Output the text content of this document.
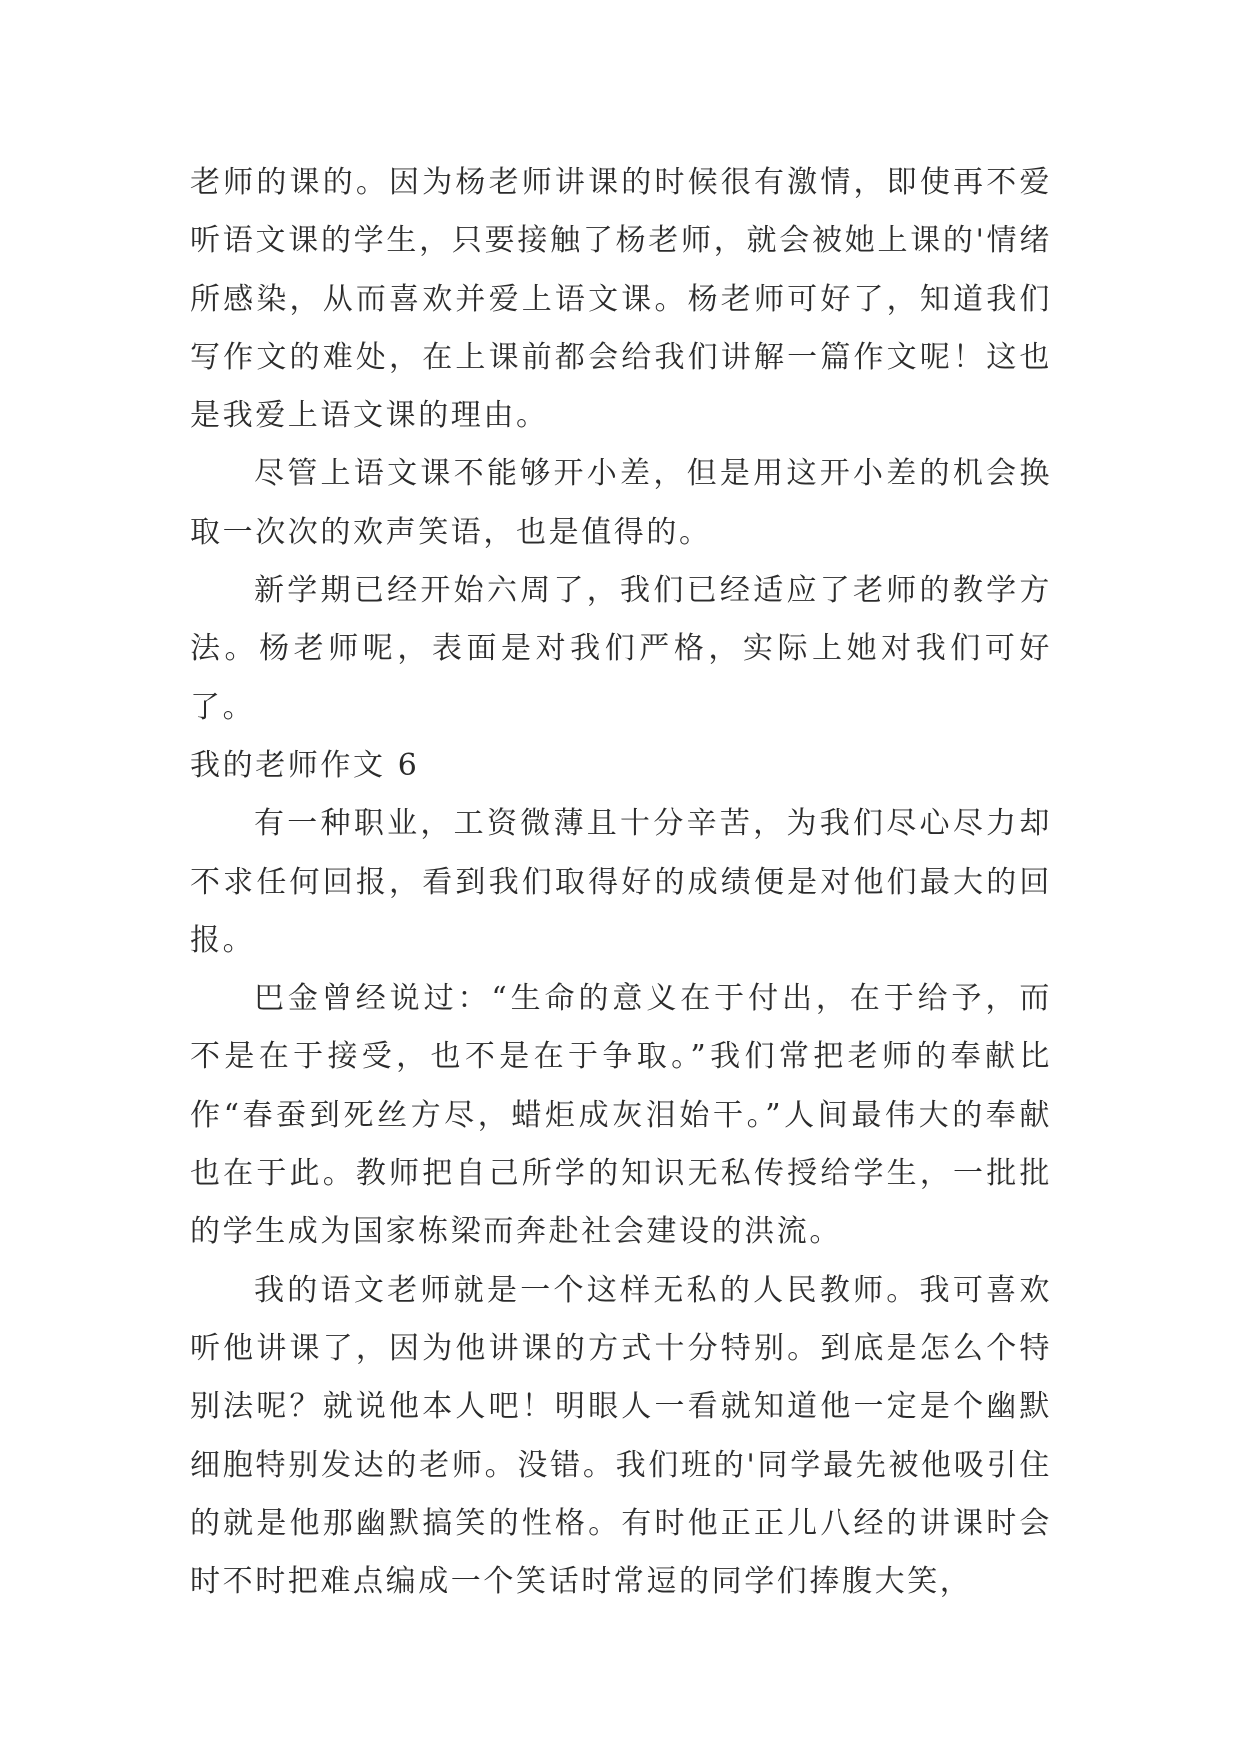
老师的课的。因为杨老师讲课的时候很有激情，即使再不爱听语文课的学生，只要接触了杨老师，就会被她上课的'情绪所感染，从而喜欢并爱上语文课。杨老师可好了，知道我们写作文的难处，在上课前都会给我们讲解一篇作文呢！这也是我爱上语文课的理由。

尽管上语文课不能够开小差，但是用这开小差的机会换取一次次的欢声笑语，也是值得的。

新学期已经开始六周了，我们已经适应了老师的教学方法。杨老师呢，表面是对我们严格，实际上她对我们可好了。

我的老师作文 6

有一种职业，工资微薄且十分辛苦，为我们尽心尽力却不求任何回报，看到我们取得好的成绩便是对他们最大的回报。

巴金曾经说过：“生命的意义在于付出，在于给予，而不是在于接受，也不是在于争取。”我们常把老师的奉献比作“春蚕到死丝方尽，蜡炬成灰泪始干。”人间最伟大的奉献也在于此。教师把自己所学的知识无私传授给学生，一批批的学生成为国家栋梁而奔赴社会建设的洪流。

我的语文老师就是一个这样无私的人民教师。我可喜欢听他讲课了，因为他讲课的方式十分特别。到底是怎么个特别法呢？就说他本人吧！明眼人一看就知道他一定是个幽默细胞特别发达的老师。没错。我们班的'同学最先被他吸引住的就是他那幽默搞笑的性格。有时他正正儿八经的讲课时会时不时把难点编成一个笑话时常逗的同学们捧腹大笑，
